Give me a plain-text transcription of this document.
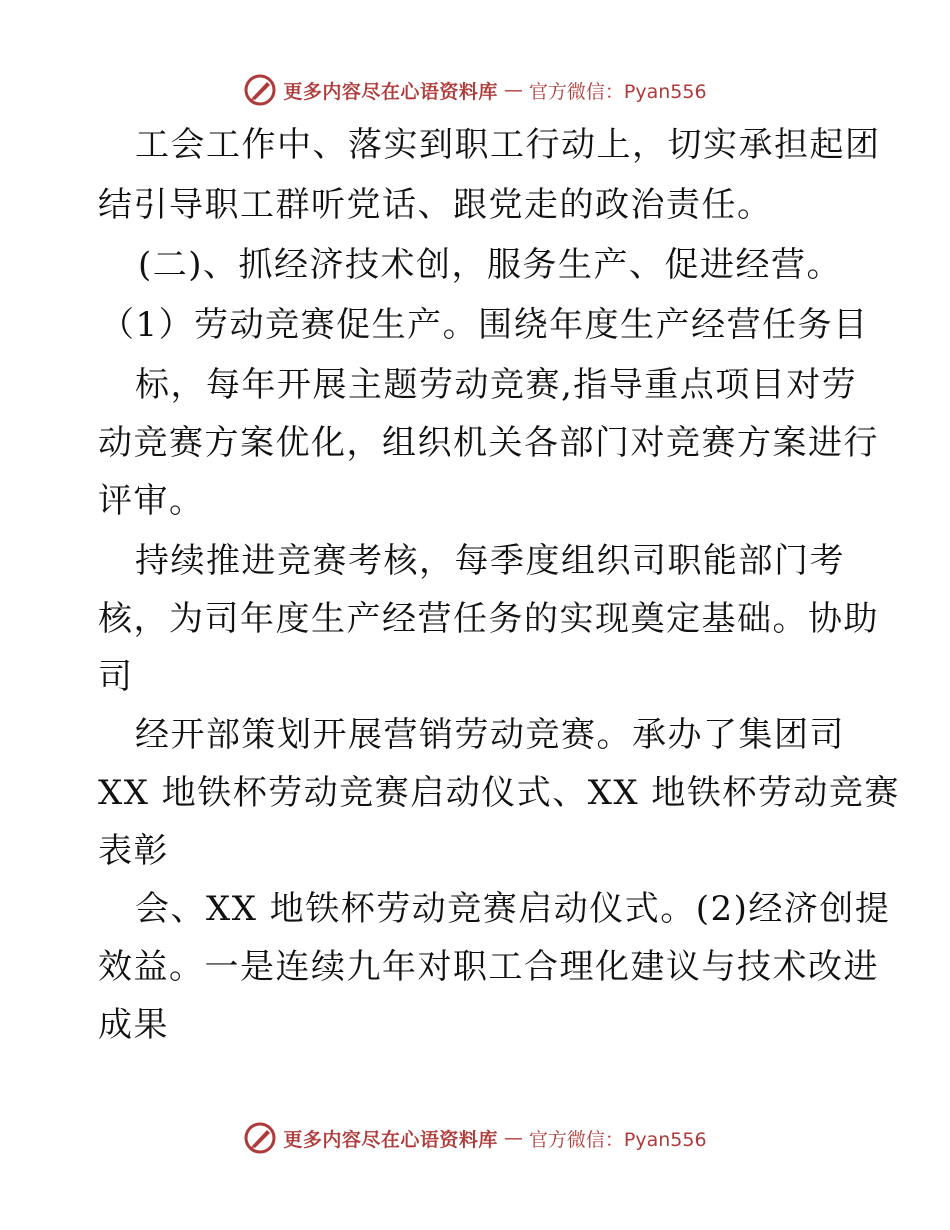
更多内容尽在心语资料库 — 官方微信：Pyan556
工会工作中、落实到职工行动上，切实承担起团
结引导职工群听党话、跟党走的政治责任。
(二)、抓经济技术创，服务生产、促进经营。
（1）劳动竞赛促生产。围绕年度生产经营任务目
标，每年开展主题劳动竞赛,指导重点项目对劳
动竞赛方案优化，组织机关各部门对竞赛方案进行
评审。
持续推进竞赛考核，每季度组织司职能部门考
核，为司年度生产经营任务的实现奠定基础。协助
司
经开部策划开展营销劳动竞赛。承办了集团司
XX 地铁杯劳动竞赛启动仪式、XX 地铁杯劳动竞赛
表彰
会、XX 地铁杯劳动竞赛启动仪式。(2)经济创提
效益。一是连续九年对职工合理化建议与技术改进
成果
更多内容尽在心语资料库 — 官方微信：Pyan556
